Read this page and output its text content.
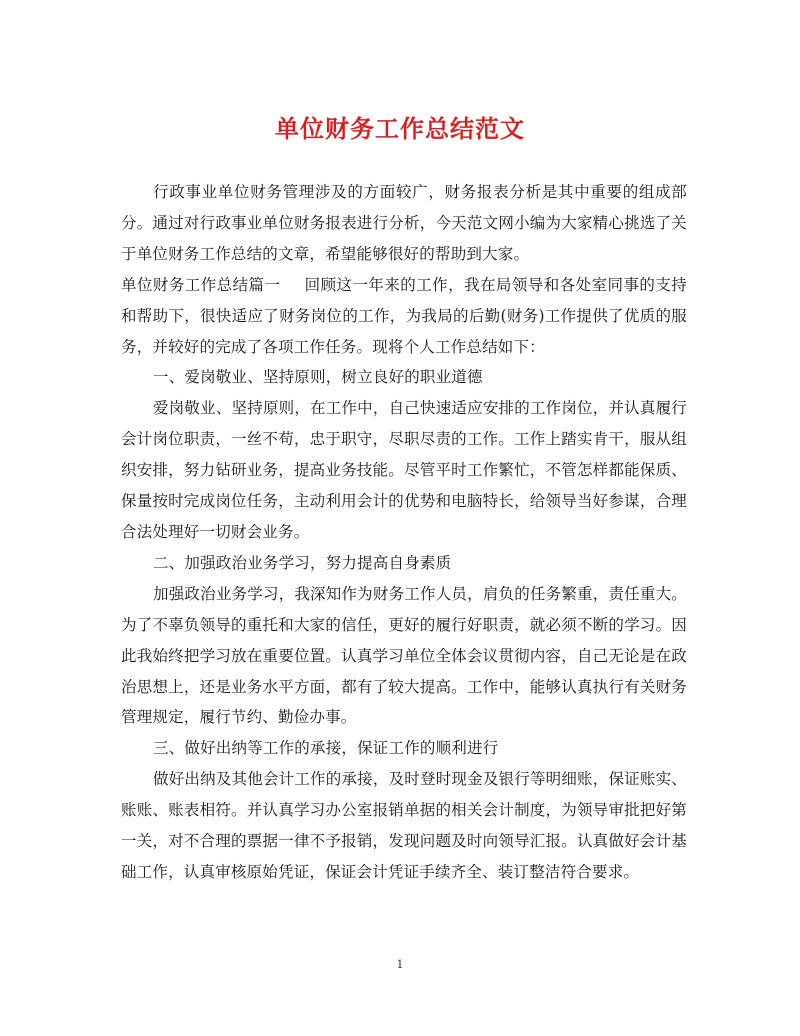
单位财务工作总结范文

行政事业单位财务管理涉及的方面较广，财务报表分析是其中重要的组成部分。通过对行政事业单位财务报表进行分析，今天范文网小编为大家精心挑选了关于单位财务工作总结的文章，希望能够很好的帮助到大家。

单位财务工作总结篇一 回顾这一年来的工作，我在局领导和各处室同事的支持和帮助下，很快适应了财务岗位的工作，为我局的后勤(财务)工作提供了优质的服务，并较好的完成了各项工作任务。现将个人工作总结如下：

一、爱岗敬业、坚持原则，树立良好的职业道德

爱岗敬业、坚持原则，在工作中，自己快速适应安排的工作岗位，并认真履行会计岗位职责，一丝不苟，忠于职守，尽职尽责的工作。工作上踏实肯干，服从组织安排，努力钻研业务，提高业务技能。尽管平时工作繁忙，不管怎样都能保质、保量按时完成岗位任务，主动利用会计的优势和电脑特长，给领导当好参谋，合理合法处理好一切财会业务。

二、加强政治业务学习，努力提高自身素质

加强政治业务学习，我深知作为财务工作人员，肩负的任务繁重，责任重大。为了不辜负领导的重托和大家的信任，更好的履行好职责，就必须不断的学习。因此我始终把学习放在重要位置。认真学习单位全体会议贯彻内容，自己无论是在政治思想上，还是业务水平方面，都有了较大提高。工作中，能够认真执行有关财务管理规定，履行节约、勤俭办事。

三、做好出纳等工作的承接，保证工作的顺利进行

做好出纳及其他会计工作的承接，及时登时现金及银行等明细账，保证账实、账账、账表相符。并认真学习办公室报销单据的相关会计制度，为领导审批把好第一关，对不合理的票据一律不予报销，发现问题及时向领导汇报。认真做好会计基础工作，认真审核原始凭证，保证会计凭证手续齐全、装订整洁符合要求。

1
